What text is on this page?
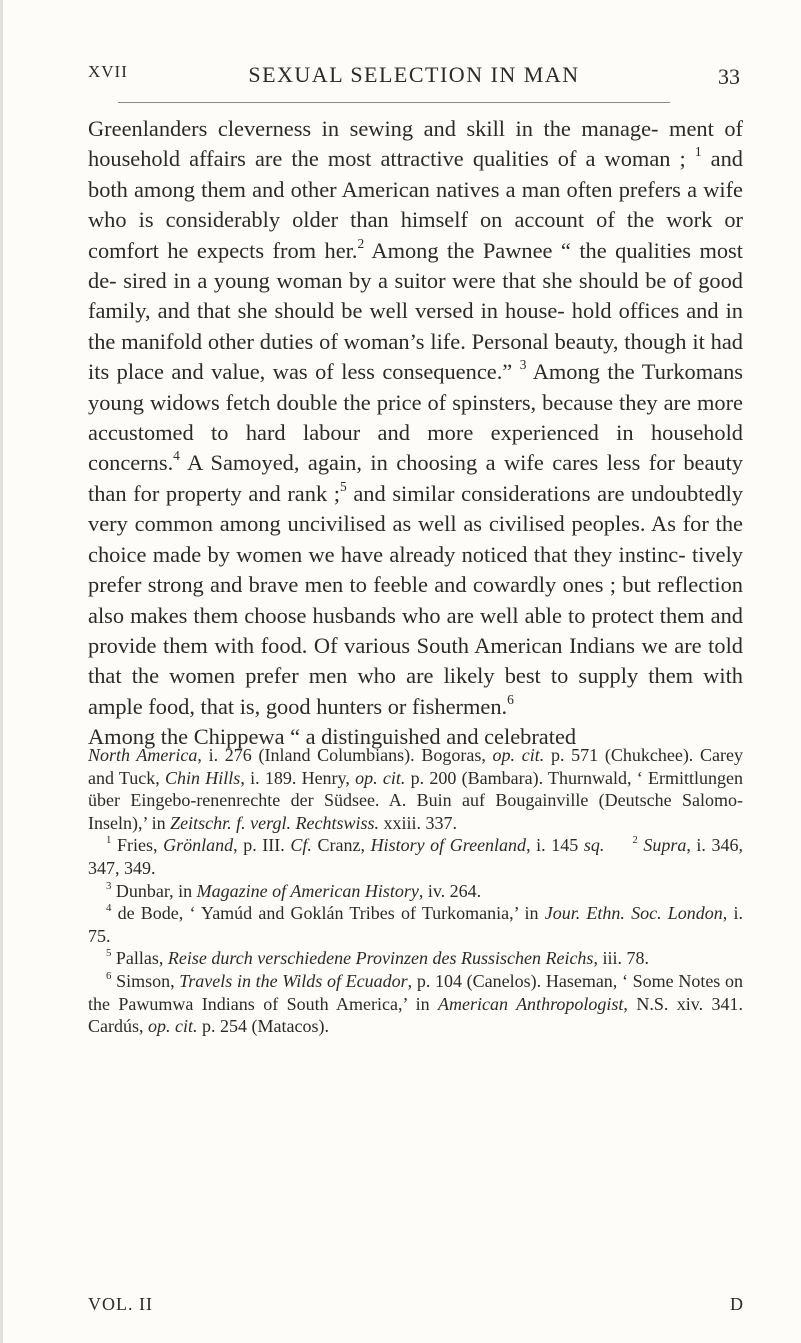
XVII	SEXUAL SELECTION IN MAN	33

Greenlanders cleverness in sewing and skill in the manage- ment of household affairs are the most attractive qualities of a woman ; $^1$ and both among them and other American natives a man often prefers a wife who is considerably older than himself on account of the work or comfort he expects from her.$^2$ Among the Pawnee “ the qualities most de- sired in a young woman by a suitor were that she should be of good family, and that she should be well versed in house- hold offices and in the manifold other duties of woman’s life. Personal beauty, though it had its place and value, was of less consequence.” $^3$ Among the Turkomans young widows fetch double the price of spinsters, because they are more accustomed to hard labour and more experienced in household concerns.$^4$ A Samoyed, again, in choosing a wife cares less for beauty than for property and rank ;$^5$ and similar considerations are undoubtedly very common among uncivilised as well as civilised peoples. As for the choice made by women we have already noticed that they instinc- tively prefer strong and brave men to feeble and cowardly ones ; but reflection also makes them choose husbands who are well able to protect them and provide them with food. Of various South American Indians we are told that the women prefer men who are likely best to supply them with ample food, that is, good hunters or fishermen.$^6$
Among the Chippewa “ a distinguished and celebrated

North America, i. 276 (Inland Columbians). Bogoras, op. cit. p. 571 (Chukchee). Carey and Tuck, Chin Hills, i. 189. Henry, op. cit. p. 200 (Bambara). Thurnwald, ‘ Ermittlungen über Eingebo-renenrechte der Südsee. A. Buin auf Bougainville (Deutsche Salomo-Inseln),’ in Zeitschr. f. vergl. Rechtswiss. xxiii. 337.

$^1$ Fries, Grönland, p. III. Cf. Cranz, History of Greenland, i. 145 sq.	$^2$ Supra, i. 346, 347, 349.

$^3$ Dunbar, in Magazine of American History, iv. 264.

$^4$ de Bode, ‘ Yamúd and Goklán Tribes of Turkomania,’ in Jour. Ethn. Soc. London, i. 75.

$^5$ Pallas, Reise durch verschiedene Provinzen des Russischen Reichs, iii. 78.

$^6$ Simson, Travels in the Wilds of Ecuador, p. 104 (Canelos). Haseman, ‘ Some Notes on the Pawumwa Indians of South America,’ in American Anthropologist, N.S. xiv. 341. Cardús, op. cit. p. 254 (Matacos).

VOL. II	D
